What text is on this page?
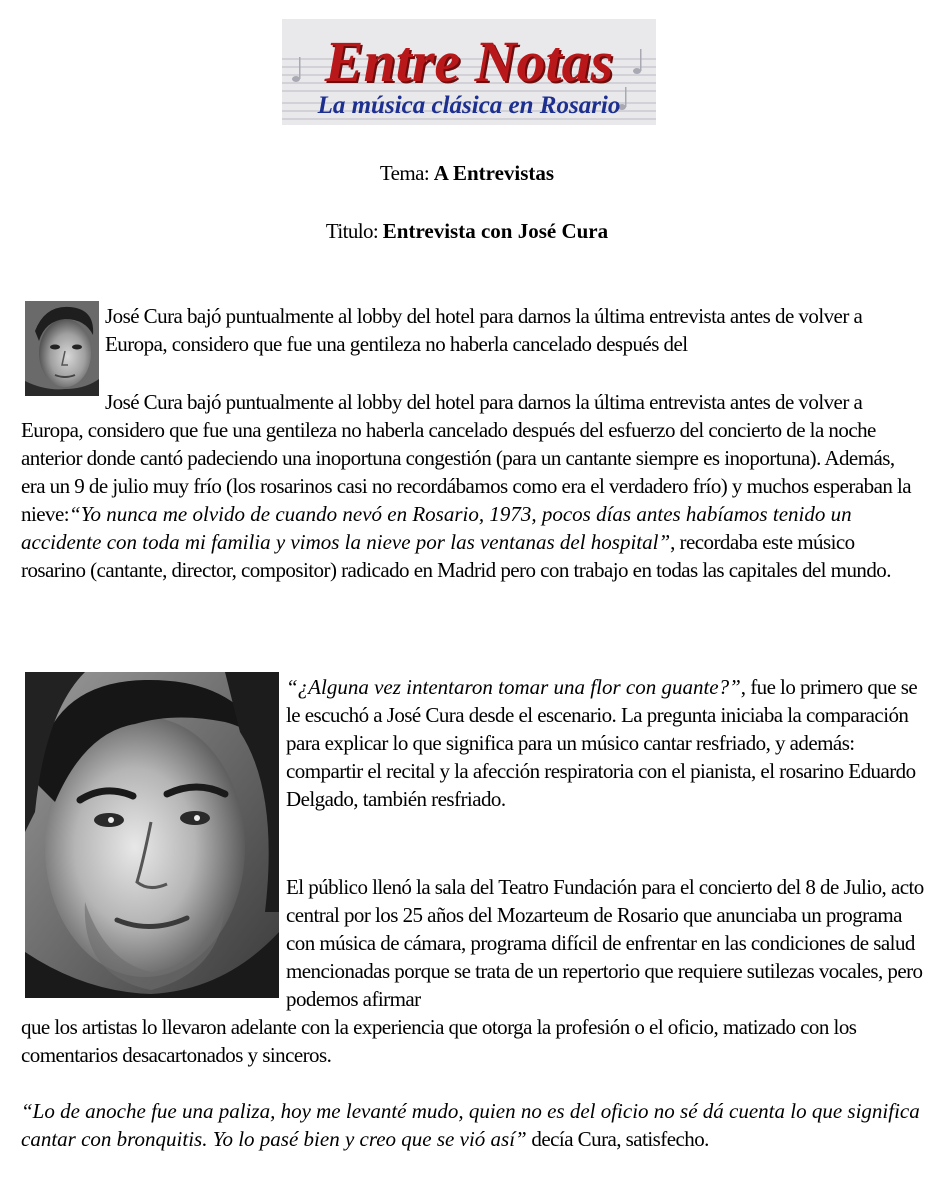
Entre Notas
La música clásica en Rosario
Tema: A Entrevistas
Titulo: Entrevista con José Cura
José Cura bajó puntualmente al lobby del hotel para darnos la última entrevista antes de volver a Europa, considero que fue una gentileza no haberla cancelado después del
José Cura bajó puntualmente al lobby del hotel para darnos la última entrevista antes de volver a Europa, considero que fue una gentileza no haberla cancelado después del esfuerzo del concierto de la noche anterior donde cantó padeciendo una inoportuna congestión (para un cantante siempre es inoportuna). Además, era un 9 de julio muy frío (los rosarinos casi no recordábamos como era el verdadero frío) y muchos esperaban la nieve:“Yo nunca me olvido de cuando nevó en Rosario, 1973, pocos días antes habíamos tenido un accidente con toda mi familia y vimos la nieve por las ventanas del hospital”, recordaba este músico rosarino (cantante, director, compositor) radicado en Madrid pero con trabajo en todas las capitales del mundo.
“¿Alguna vez intentaron tomar una flor con guante?”, fue lo primero que se le escuchó a José Cura desde el escenario. La pregunta iniciaba la comparación para explicar lo que significa para un músico cantar resfriado, y además: compartir el recital y la afección respiratoria con el pianista, el rosarino Eduardo Delgado, también resfriado.
El público llenó la sala del Teatro Fundación para el concierto del 8 de Julio, acto central por los 25 años del Mozarteum de Rosario que anunciaba un programa con música de cámara, programa difícil de enfrentar en las condiciones de salud mencionadas porque se trata de un repertorio que requiere sutilezas vocales, pero podemos afirmar
que los artistas lo llevaron adelante con la experiencia que otorga la profesión o el oficio, matizado con los comentarios desacartonados y sinceros.
“Lo de anoche fue una paliza, hoy me levanté mudo, quien no es del oficio no sé dá cuenta lo que significa cantar con bronquitis. Yo lo pasé bien y creo que se vió así” decía Cura, satisfecho.
